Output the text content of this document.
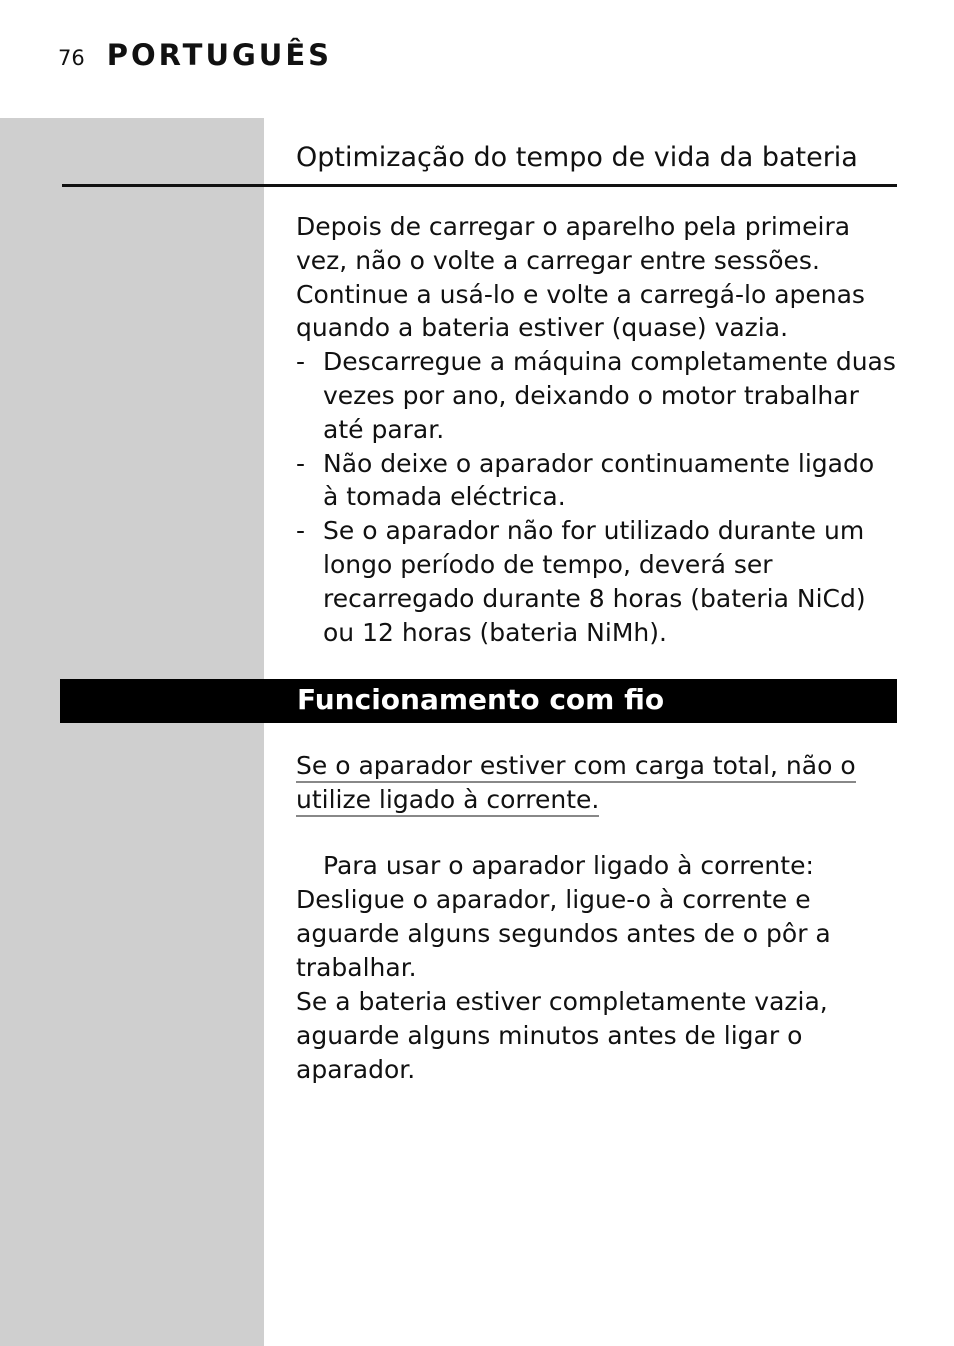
76 PORTUGUÊS
Optimização do tempo de vida da bateria

Depois de carregar o aparelho pela primeira vez, não o volte a carregar entre sessões. Continue a usá-lo e volte a carregá-lo apenas quando a bateria estiver (quase) vazia.

- Descarregue a máquina completamente duas vezes por ano, deixando o motor trabalhar até parar.
- Não deixe o aparador continuamente ligado à tomada eléctrica.
- Se o aparador não for utilizado durante um longo período de tempo, deverá ser recarregado durante 8 horas (bateria NiCd) ou 12 horas (bateria NiMh).
Funcionamento com fio
Se o aparador estiver com carga total, não o
utilize ligado à corrente.
Para usar o aparador ligado à corrente:

Desligue o aparador, ligue-o à corrente e aguarde alguns segundos antes de o pôr a trabalhar.

Se a bateria estiver completamente vazia, aguarde alguns minutos antes de ligar o aparador.
